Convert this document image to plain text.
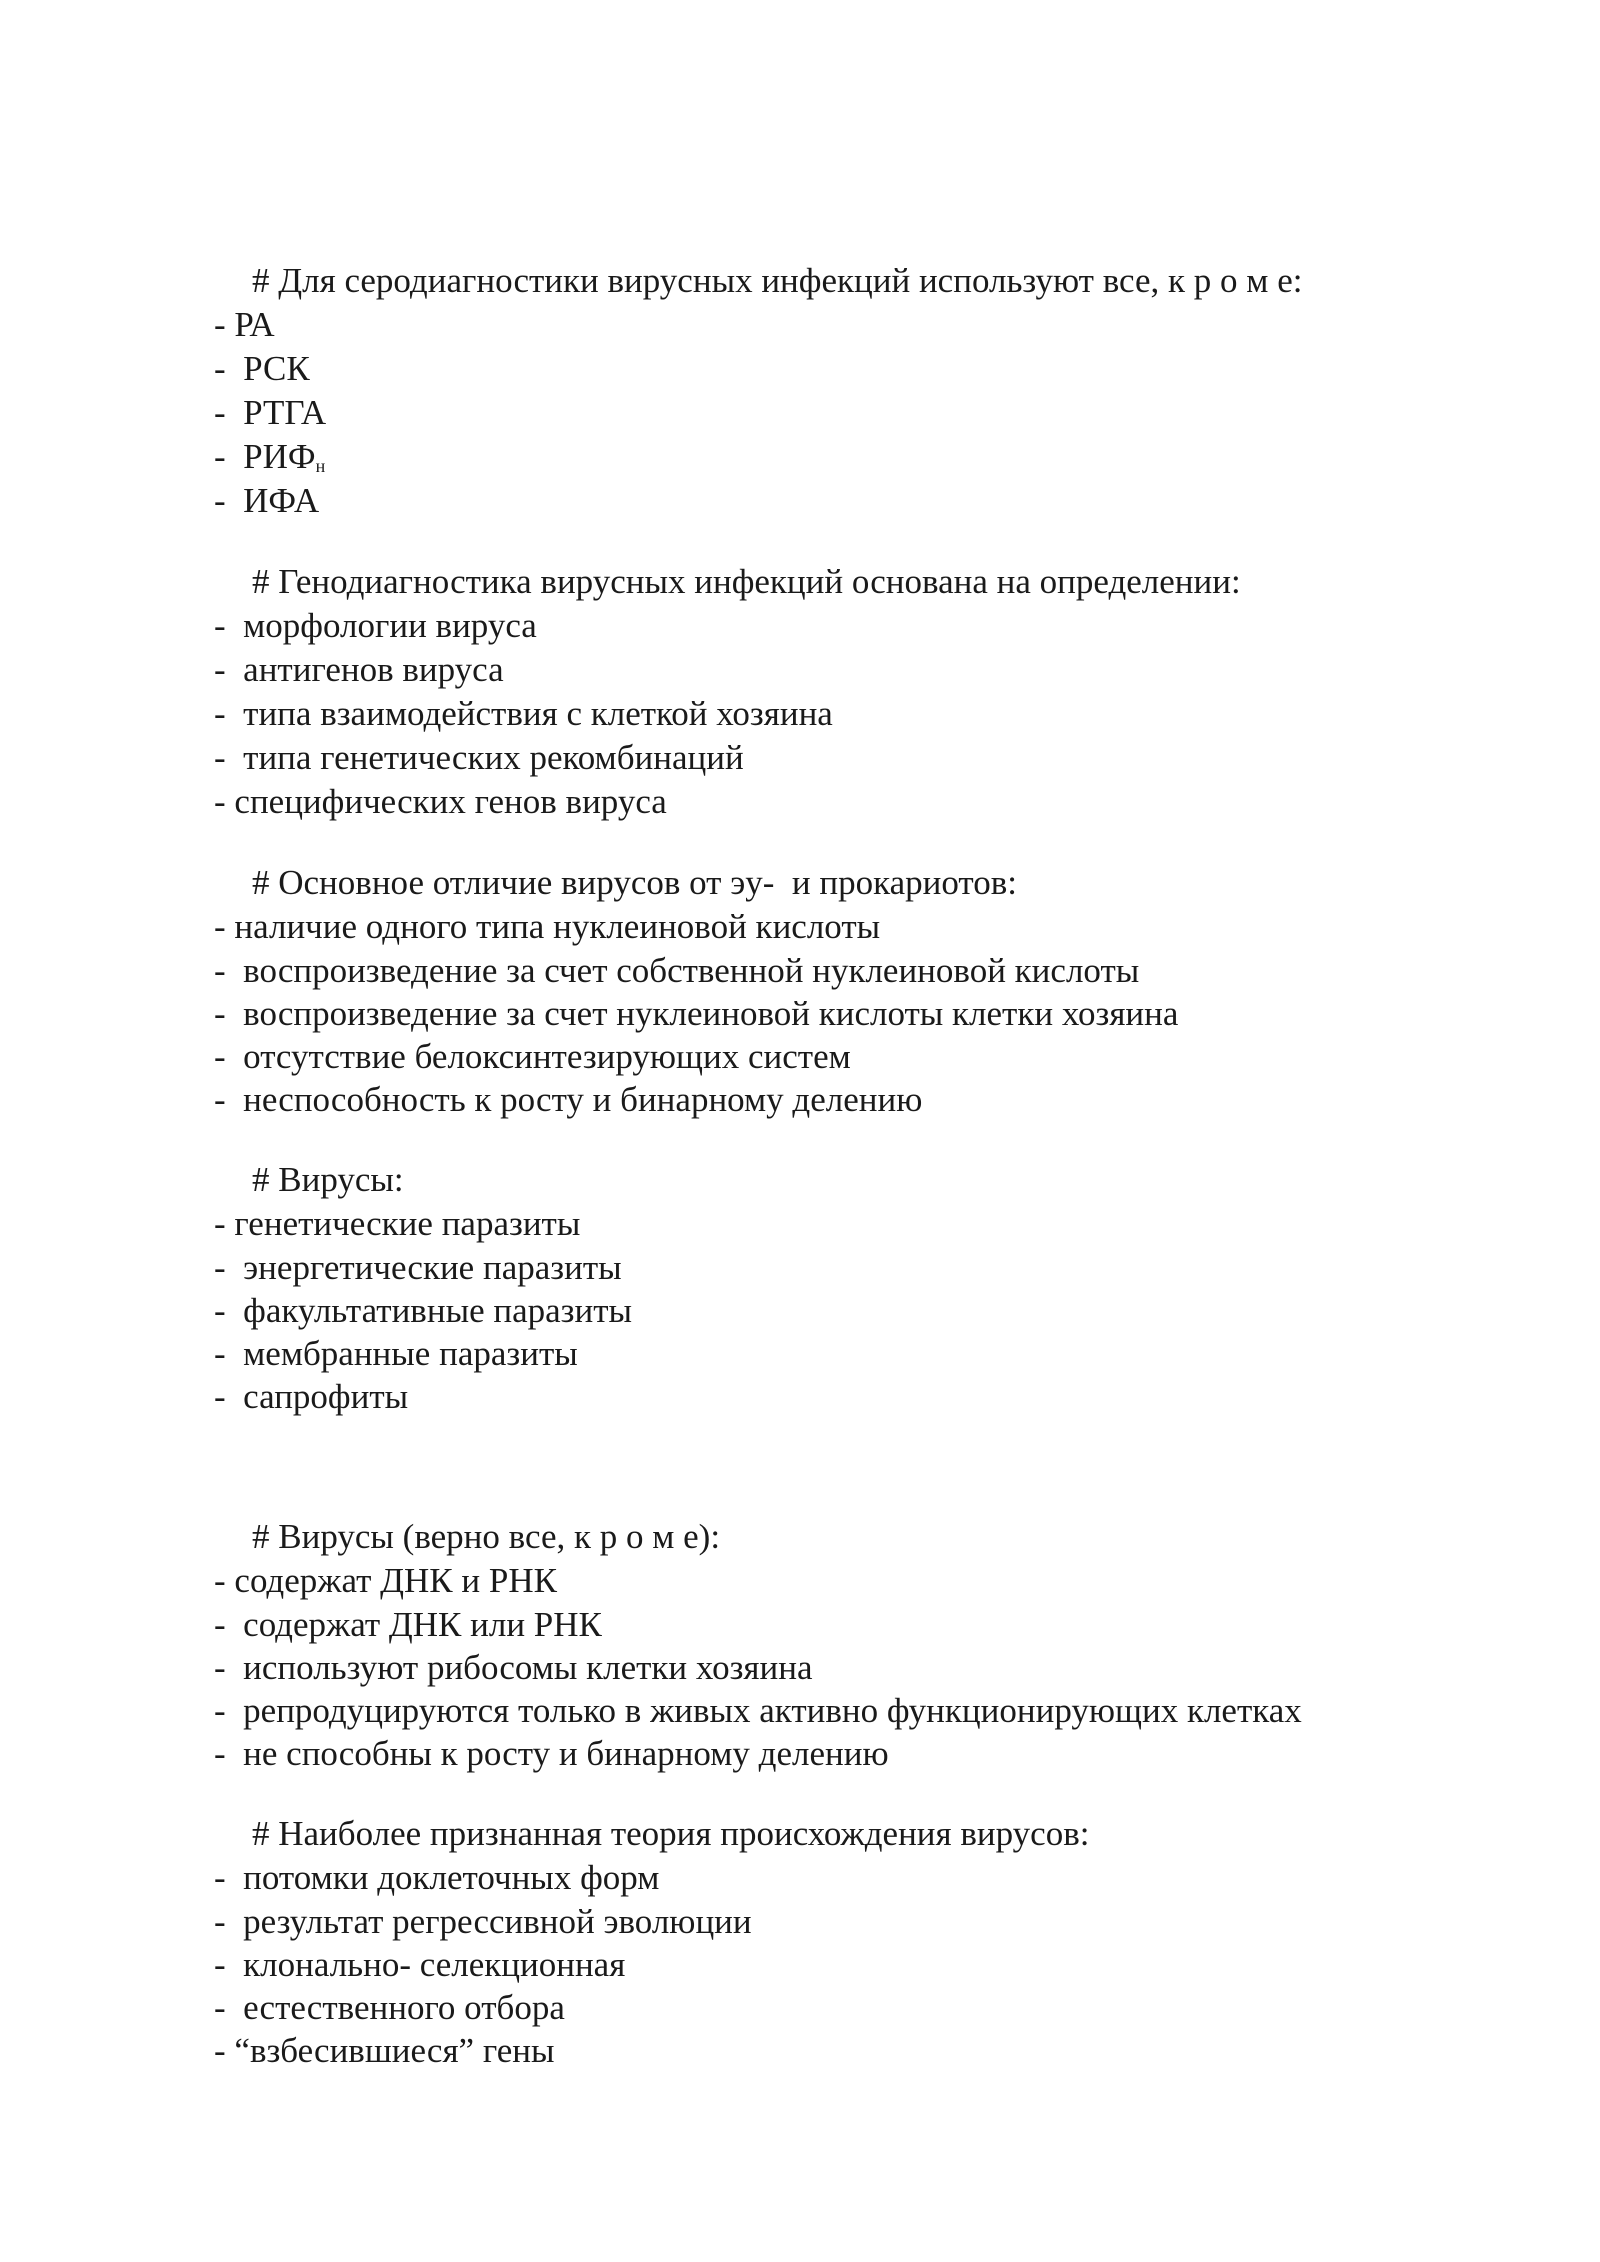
# Для серодиагностики вирусных инфекций используют все, к р о м е:
- РА
-  РСК
-  РТГА
-  $РИФ_н$
-  ИФА
# Генодиагностика вирусных инфекций основана на определении:
-  морфологии вируса
-  антигенов вируса
-  типа взаимодействия с клеткой хозяина
-  типа генетических рекомбинаций
- специфических генов вируса
# Основное отличие вирусов от эу-  и прокариотов:
- наличие одного типа нуклеиновой кислоты
-  воспроизведение за счет собственной нуклеиновой кислоты
-  воспроизведение за счет нуклеиновой кислоты клетки хозяина
-  отсутствие белоксинтезирующих систем
-  неспособность к росту и бинарному делению
# Вирусы:
- генетические паразиты
-  энергетические паразиты
-  факультативные паразиты
-  мембранные паразиты
-  сапрофиты
# Вирусы (верно все, к р о м е):
- содержат ДНК и РНК
-  содержат ДНК или РНК
-  используют рибосомы клетки хозяина
-  репродуцируются только в живых активно функционирующих клетках
-  не способны к росту и бинарному делению
# Наиболее признанная теория происхождения вирусов:
-  потомки доклеточных форм
-  результат регрессивной эволюции
-  клонально- селекционная
-  естественного отбора
- “взбесившиеся” гены
